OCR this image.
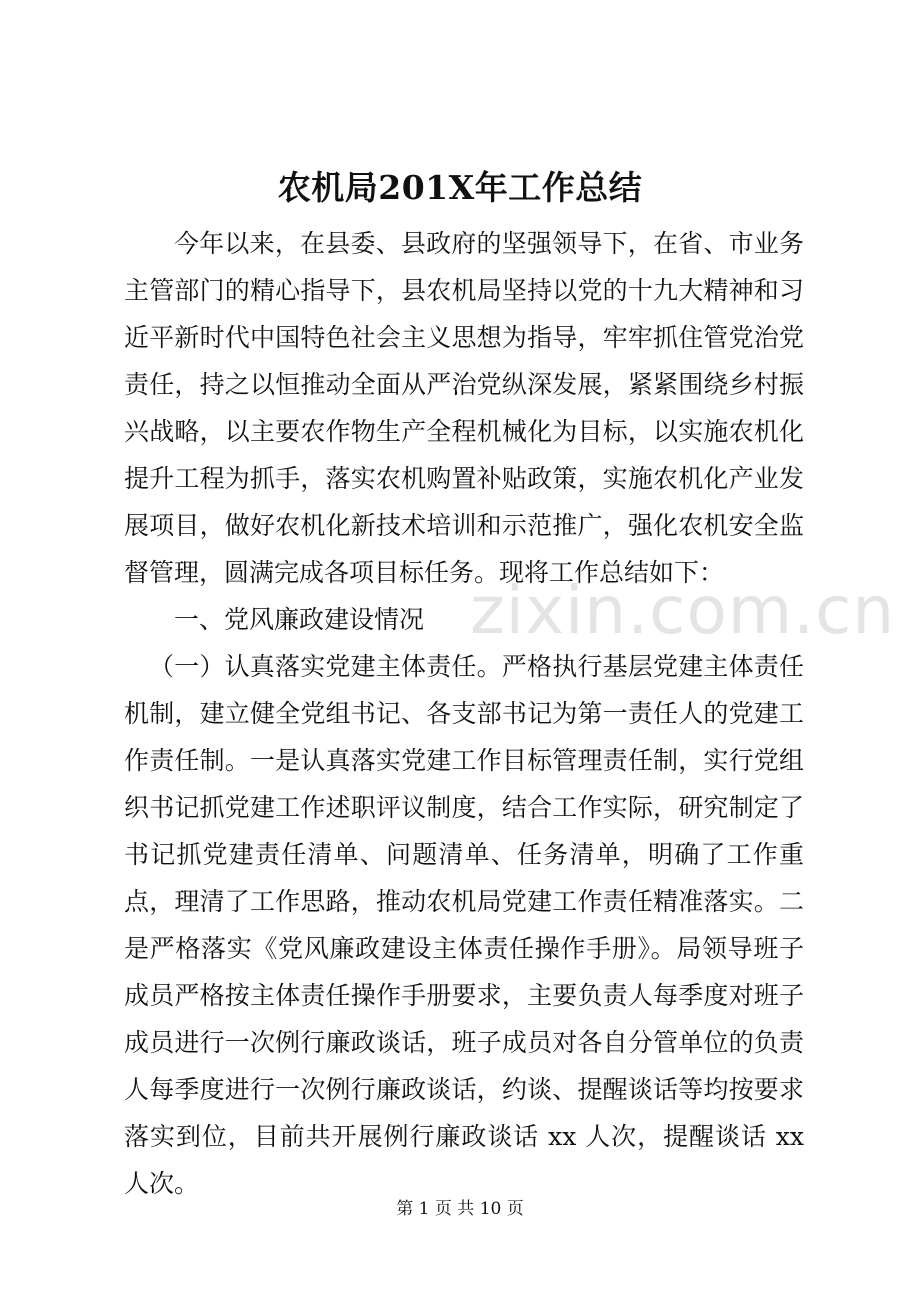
农机局201X年工作总结

今年以来，在县委、县政府的坚强领导下，在省、市业务主管部门的精心指导下，县农机局坚持以党的十九大精神和习近平新时代中国特色社会主义思想为指导，牢牢抓住管党治党责任，持之以恒推动全面从严治党纵深发展，紧紧围绕乡村振兴战略，以主要农作物生产全程机械化为目标，以实施农机化提升工程为抓手，落实农机购置补贴政策，实施农机化产业发展项目，做好农机化新技术培训和示范推广，强化农机安全监督管理，圆满完成各项目标任务。现将工作总结如下：

一、党风廉政建设情况

（一）认真落实党建主体责任。严格执行基层党建主体责任机制，建立健全党组书记、各支部书记为第一责任人的党建工作责任制。一是认真落实党建工作目标管理责任制，实行党组织书记抓党建工作述职评议制度，结合工作实际，研究制定了书记抓党建责任清单、问题清单、任务清单，明确了工作重点，理清了工作思路，推动农机局党建工作责任精准落实。二是严格落实《党风廉政建设主体责任操作手册》。局领导班子成员严格按主体责任操作手册要求，主要负责人每季度对班子成员进行一次例行廉政谈话，班子成员对各自分管单位的负责人每季度进行一次例行廉政谈话，约谈、提醒谈话等均按要求落实到位，目前共开展例行廉政谈话 xx 人次，提醒谈话 xx 人次。

zixin.com.cn
第 1 页 共 10 页
